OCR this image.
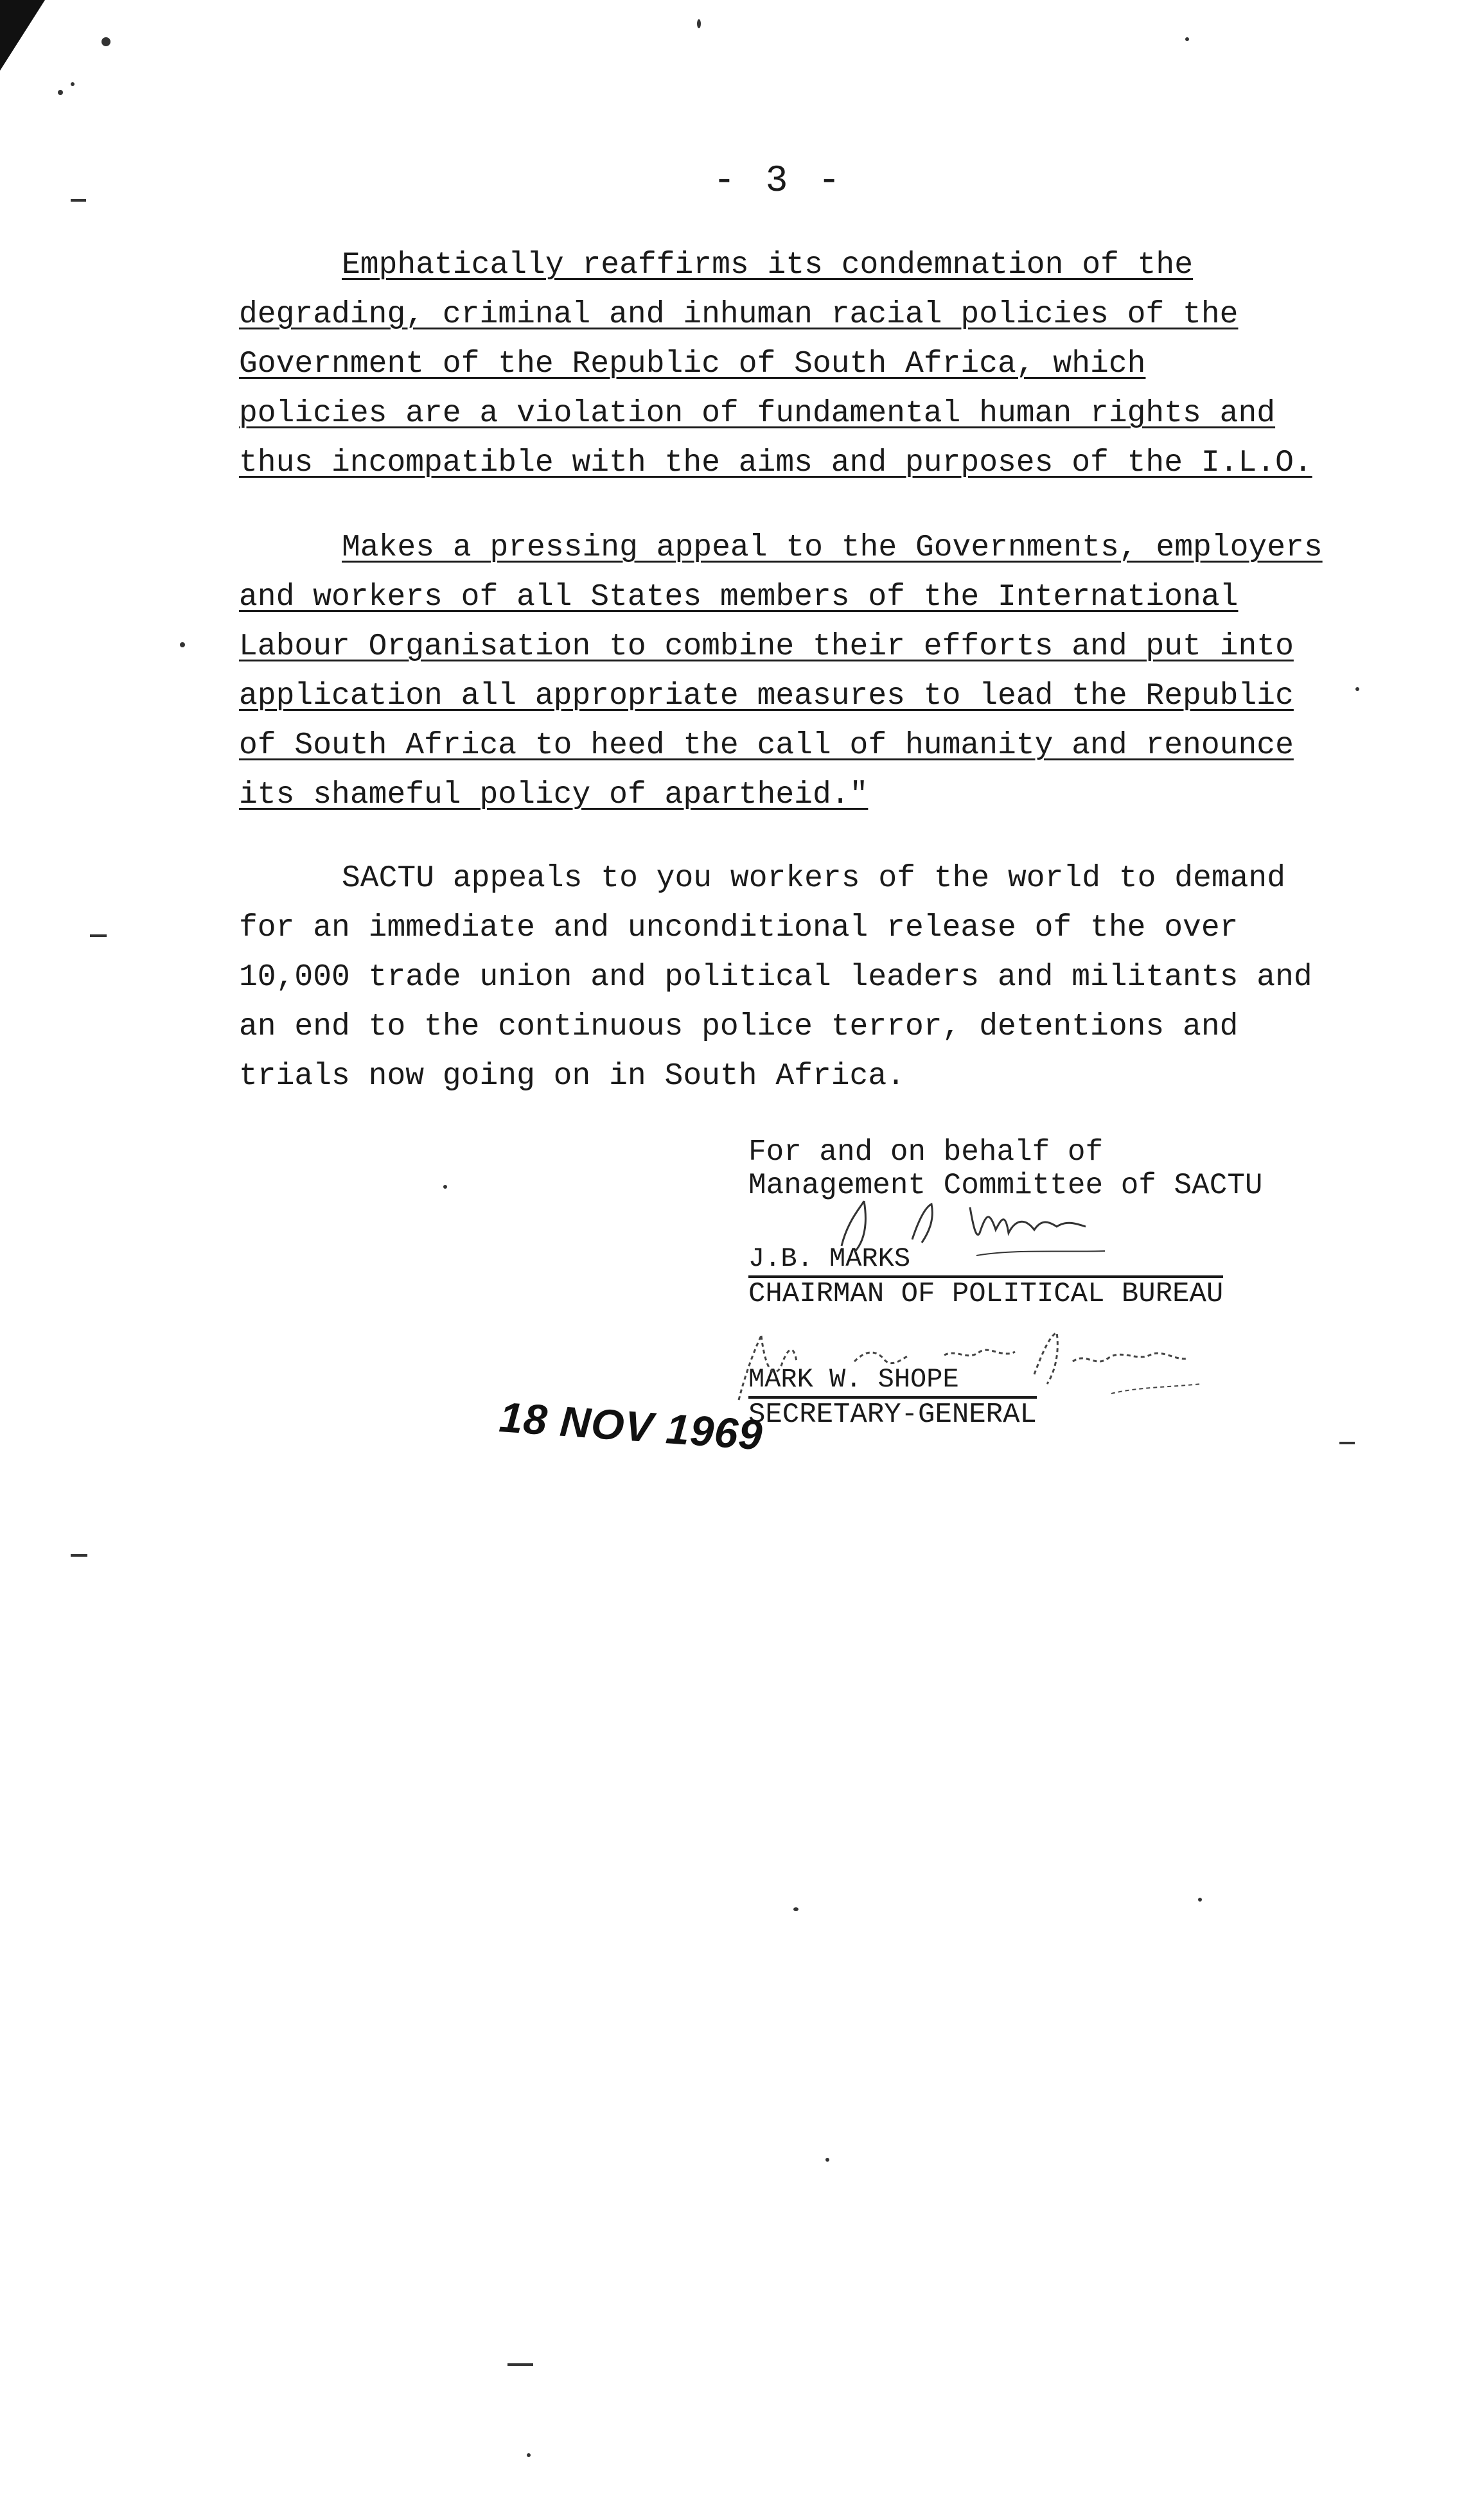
- 3 -
Emphatically reaffirms its condemnation of the
degrading, criminal and inhuman racial policies of the
Government of the Republic of South Africa, which
policies are a violation of fundamental human rights and
thus incompatible with the aims and purposes of the I.L.O.
Makes a pressing appeal to the Governments, employers
and workers of all States members of the International
Labour Organisation to combine their efforts and put into
application all appropriate measures to lead the Republic
of South Africa to heed the call of humanity and renounce
its shameful policy of apartheid."
SACTU appeals to you workers of the world to demand
for an immediate and unconditional release of the over
10,000 trade union and political leaders and militants and
an end to the continuous police terror, detentions and
trials now going on in South Africa.
For and on behalf of
Management Committee of SACTU
J.B. MARKS
CHAIRMAN OF POLITICAL BUREAU
MARK W. SHOPE
SECRETARY-GENERAL
18 NOV 1969
